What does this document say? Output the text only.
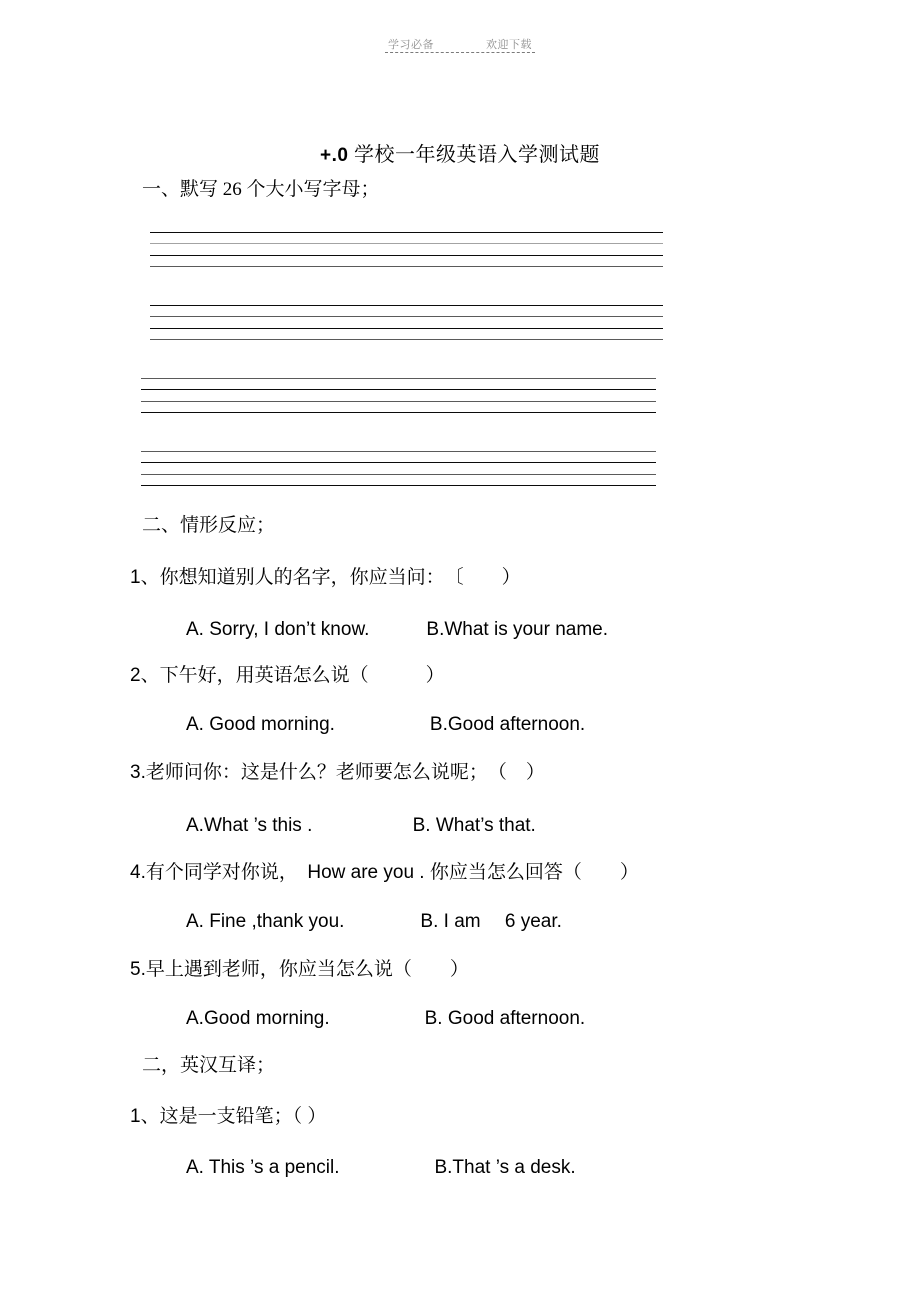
学习必备	欢迎下载
+.0 学校一年级英语入学测试题
一、默写 26 个大小写字母；
二、情形反应；
1、你想知道别人的名字，你应当问：　〔　　）
A. Sorry, I don’t know.　　　B.What is your name.
2、下午好，用英语怎么说（　　　）
A. Good morning.　　　　　B.Good afternoon.
3.老师问你：这是什么？老师要怎么说呢；　（　）
A.What ’s this .　　　　　 B. What’s that.
4.有个同学对你说，　How are you . 你应当怎么回答（　　）
A. Fine ,thank you.　　　　B. I am　 6 year.
5.早上遇到老师，你应当怎么说（　　）
A.Good morning.　　　　　B. Good afternoon.
二，英汉互译；
1、这是一支铅笔；（ ）
A. This ’s a pencil.　　　　　B.That ’s a desk.
